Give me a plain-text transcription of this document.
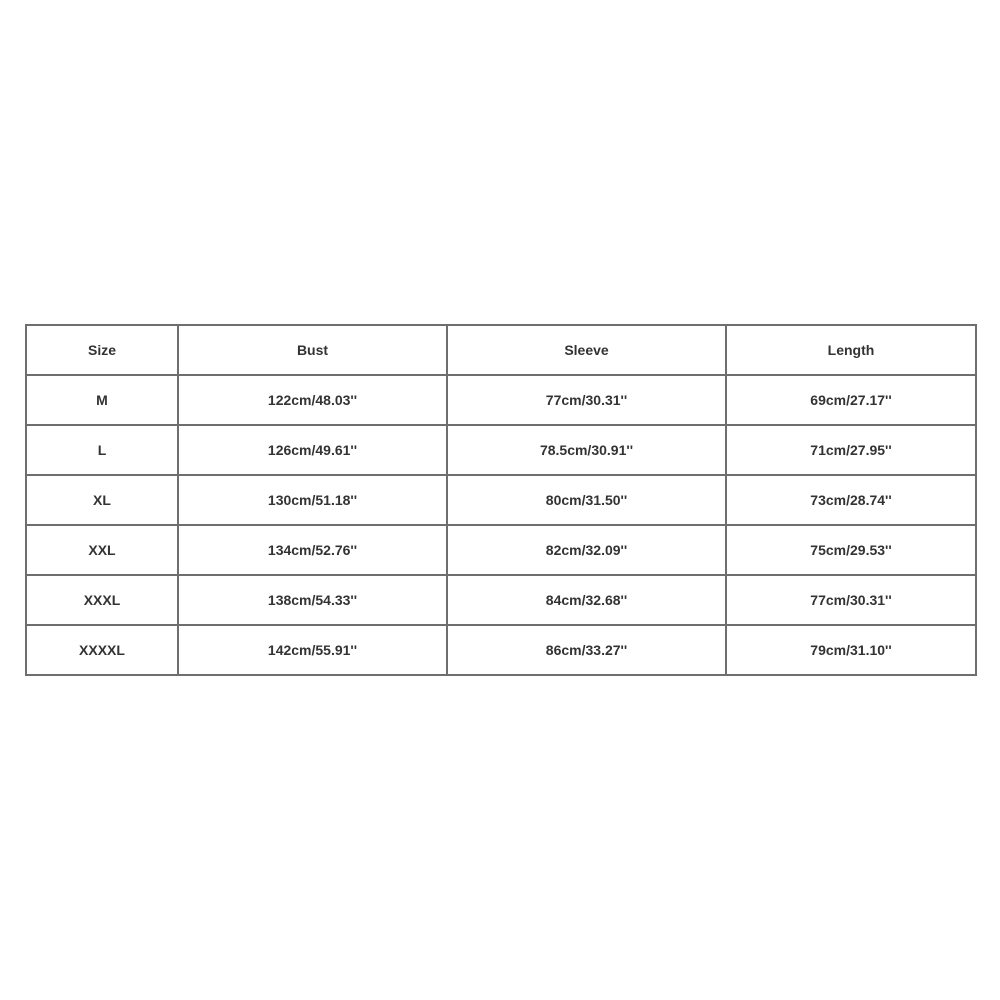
Size	Bust	Sleeve	Length
M	122cm/48.03''	77cm/30.31''	69cm/27.17''
L	126cm/49.61''	78.5cm/30.91''	71cm/27.95''
XL	130cm/51.18''	80cm/31.50''	73cm/28.74''
XXL	134cm/52.76''	82cm/32.09''	75cm/29.53''
XXXL	138cm/54.33''	84cm/32.68''	77cm/30.31''
XXXXL	142cm/55.91''	86cm/33.27''	79cm/31.10''
